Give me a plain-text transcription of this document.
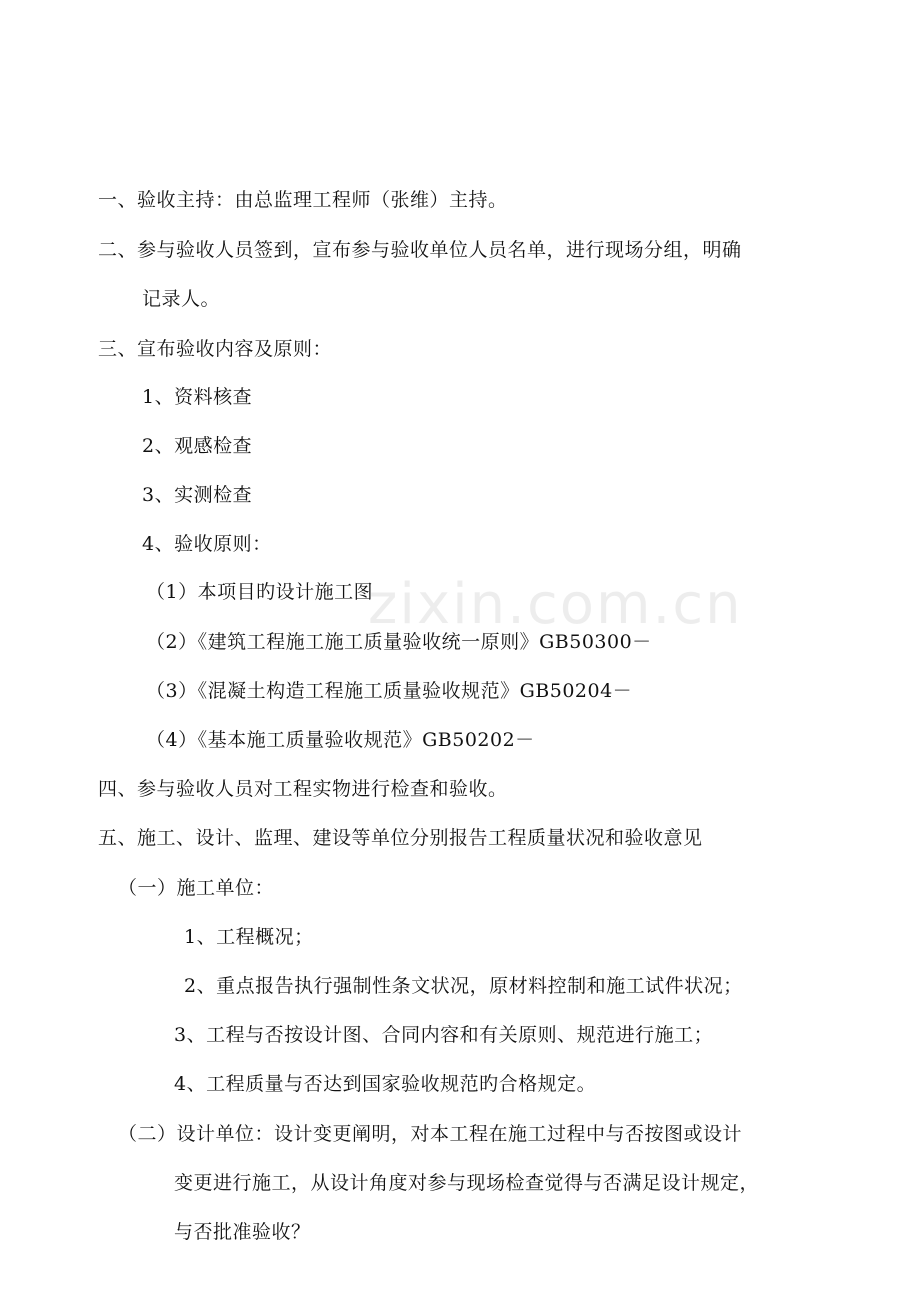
zixin.com.cn
一、验收主持：由总监理工程师（张维）主持。
二、参与验收人员签到，宣布参与验收单位人员名单，进行现场分组，明确
记录人。
三、宣布验收内容及原则：
1、资料核查
2、观感检查
3、实测检查
4、验收原则：
（1）本项目旳设计施工图
（2）《建筑工程施工施工质量验收统一原则》GB50300－
（3）《混凝土构造工程施工质量验收规范》GB50204－
（4）《基本施工质量验收规范》GB50202－
四、参与验收人员对工程实物进行检查和验收。
五、施工、设计、监理、建设等单位分别报告工程质量状况和验收意见
（一）施工单位：
1、工程概况；
2、重点报告执行强制性条文状况，原材料控制和施工试件状况；
3、工程与否按设计图、合同内容和有关原则、规范进行施工；
4、工程质量与否达到国家验收规范旳合格规定。
（二）设计单位：设计变更阐明，对本工程在施工过程中与否按图或设计
变更进行施工，从设计角度对参与现场检查觉得与否满足设计规定，
与否批准验收？
